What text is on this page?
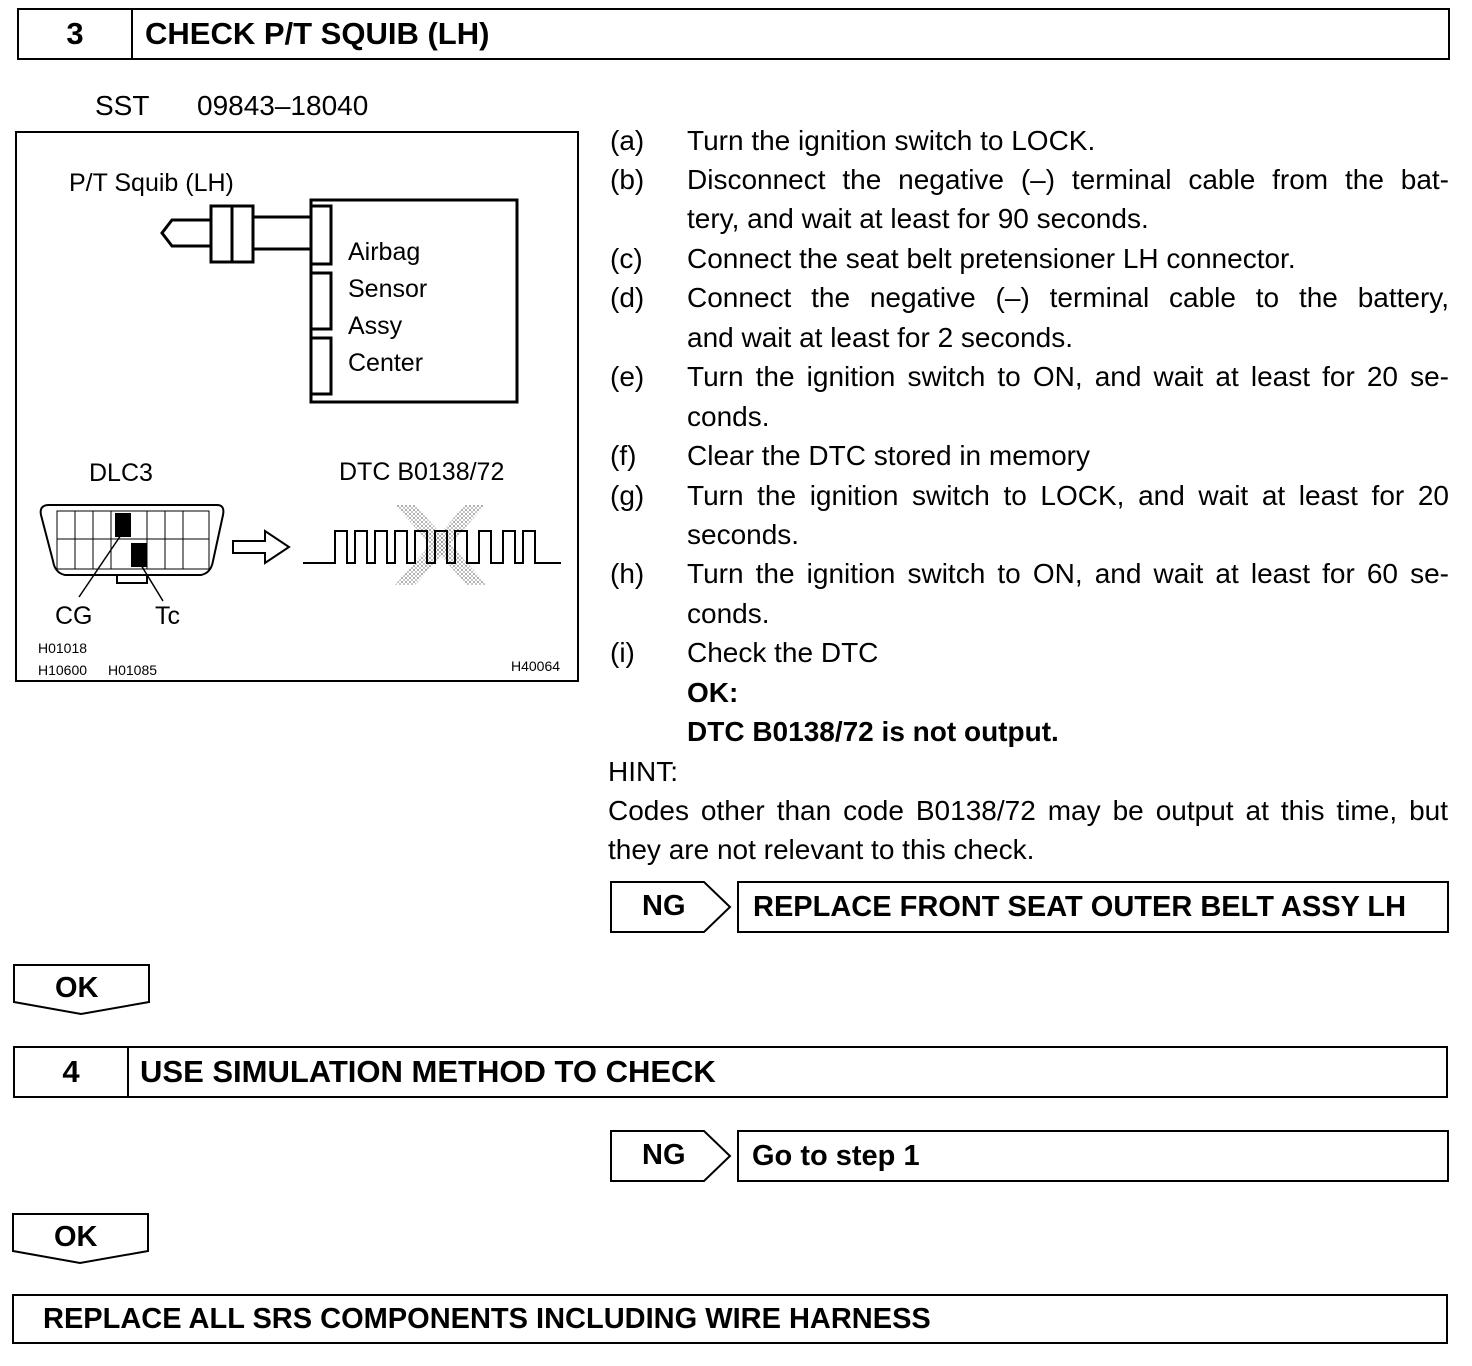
3	CHECK P/T SQUIB (LH)
SST 09843–18040
P/T Squib (LH)
Airbag
Sensor
Assy
Center
DLC3	DTC B0138/72
CG	Tc
H01018
H10600 H01085	H40064
(a) Turn the ignition switch to LOCK.
(b) Disconnect the negative (–) terminal cable from the bat-
tery, and wait at least for 90 seconds.
(c) Connect the seat belt pretensioner LH connector.
(d) Connect the negative (–) terminal cable to the battery,
and wait at least for 2 seconds.
(e) Turn the ignition switch to ON, and wait at least for 20 se-
conds.
(f) Clear the DTC stored in memory
(g) Turn the ignition switch to LOCK, and wait at least for 20
seconds.
(h) Turn the ignition switch to ON, and wait at least for 60 se-
conds.
(i) Check the DTC
OK:
DTC B0138/72 is not output.
HINT:
Codes other than code B0138/72 may be output at this time, but
they are not relevant to this check.
NG REPLACE FRONT SEAT OUTER BELT ASSY LH
OK
4	USE SIMULATION METHOD TO CHECK
NG Go to step 1
OK
REPLACE ALL SRS COMPONENTS INCLUDING WIRE HARNESS
